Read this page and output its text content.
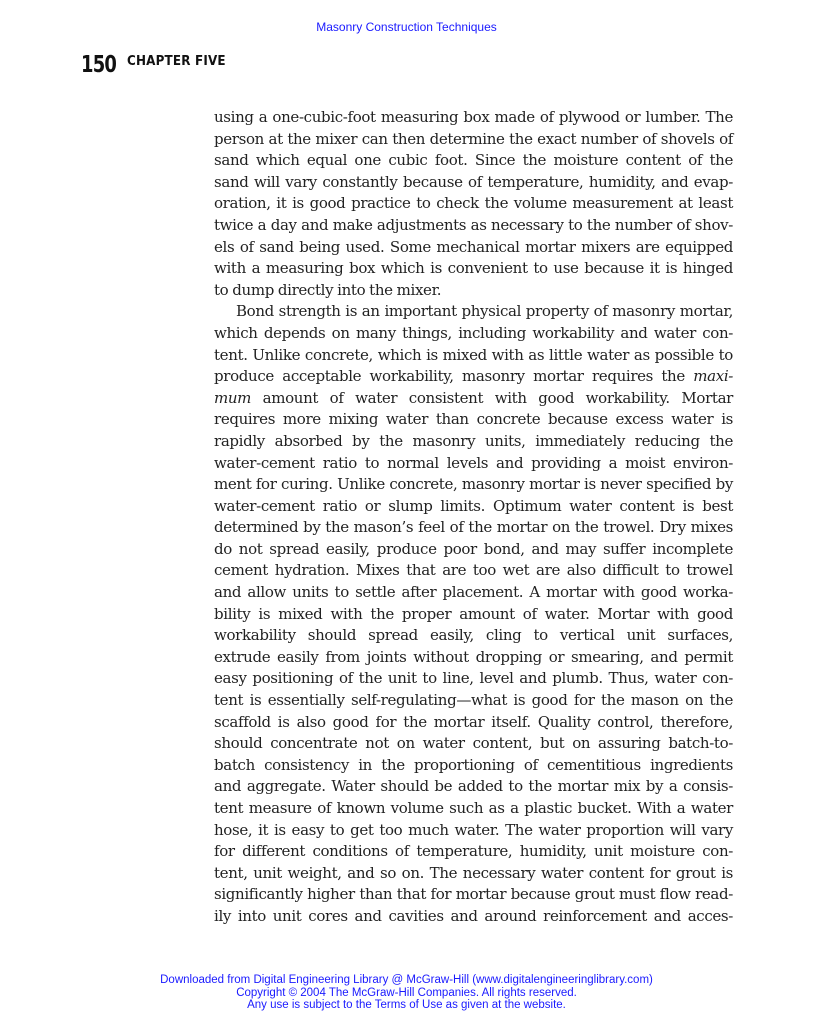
Masonry Construction Techniques
150 CHAPTER FIVE
using a one-cubic-foot measuring box made of plywood or lumber. The
person at the mixer can then determine the exact number of shovels of
sand which equal one cubic foot. Since the moisture content of the
sand will vary constantly because of temperature, humidity, and evap-
oration, it is good practice to check the volume measurement at least
twice a day and make adjustments as necessary to the number of shov-
els of sand being used. Some mechanical mortar mixers are equipped
with a measuring box which is convenient to use because it is hinged
to dump directly into the mixer.
Bond strength is an important physical property of masonry mortar,
which depends on many things, including workability and water con-
tent. Unlike concrete, which is mixed with as little water as possible to
produce acceptable workability, masonry mortar requires the maxi-
mum amount of water consistent with good workability. Mortar
requires more mixing water than concrete because excess water is
rapidly absorbed by the masonry units, immediately reducing the
water-cement ratio to normal levels and providing a moist environ-
ment for curing. Unlike concrete, masonry mortar is never specified by
water-cement ratio or slump limits. Optimum water content is best
determined by the mason’s feel of the mortar on the trowel. Dry mixes
do not spread easily, produce poor bond, and may suffer incomplete
cement hydration. Mixes that are too wet are also difficult to trowel
and allow units to settle after placement. A mortar with good worka-
bility is mixed with the proper amount of water. Mortar with good
workability should spread easily, cling to vertical unit surfaces,
extrude easily from joints without dropping or smearing, and permit
easy positioning of the unit to line, level and plumb. Thus, water con-
tent is essentially self-regulating—what is good for the mason on the
scaffold is also good for the mortar itself. Quality control, therefore,
should concentrate not on water content, but on assuring batch-to-
batch consistency in the proportioning of cementitious ingredients
and aggregate. Water should be added to the mortar mix by a consis-
tent measure of known volume such as a plastic bucket. With a water
hose, it is easy to get too much water. The water proportion will vary
for different conditions of temperature, humidity, unit moisture con-
tent, unit weight, and so on. The necessary water content for grout is
significantly higher than that for mortar because grout must flow read-
ily into unit cores and cavities and around reinforcement and acces-
Downloaded from Digital Engineering Library @ McGraw-Hill (www.digitalengineeringlibrary.com)
Copyright © 2004 The McGraw-Hill Companies. All rights reserved.
Any use is subject to the Terms of Use as given at the website.
